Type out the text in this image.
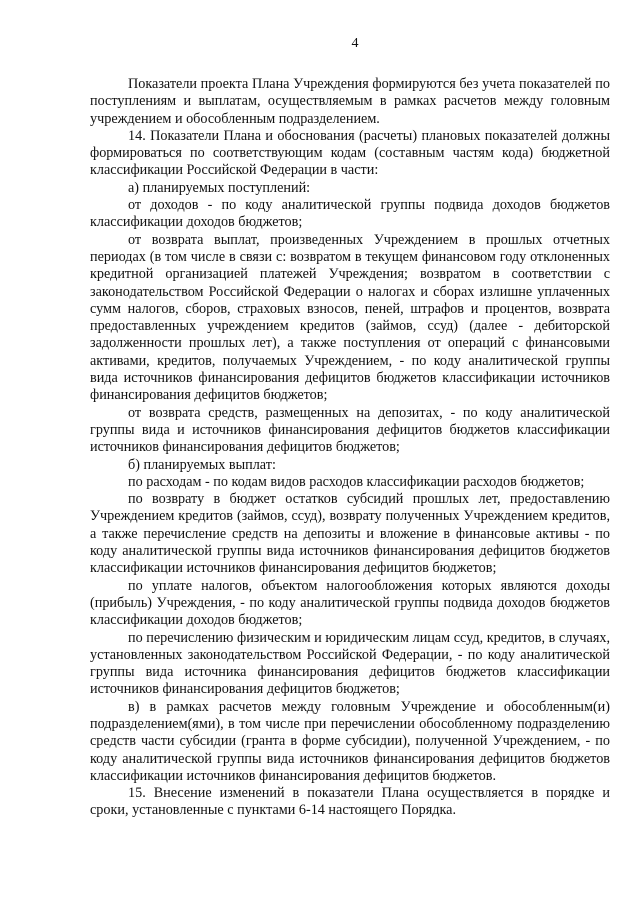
4

Показатели проекта Плана Учреждения формируются без учета показателей по поступлениям и выплатам, осуществляемым в рамках расчетов между головным учреждением и обособленным подразделением.

14. Показатели Плана и обоснования (расчеты) плановых показателей должны формироваться по соответствующим кодам (составным частям кода) бюджетной классификации Российской Федерации в части:

а) планируемых поступлений:

от доходов - по коду аналитической группы подвида доходов бюджетов классификации доходов бюджетов;

от возврата выплат, произведенных Учреждением в прошлых отчетных периодах (в том числе в связи с: возвратом в текущем финансовом году отклоненных кредитной организацией платежей Учреждения; возвратом в соответствии с законодательством Российской Федерации о налогах и сборах излишне уплаченных сумм налогов, сборов, страховых взносов, пеней, штрафов и процентов, возврата предоставленных учреждением кредитов (займов, ссуд) (далее - дебиторской задолженности прошлых лет), а также поступления от операций с финансовыми активами, кредитов, получаемых Учреждением, - по коду аналитической группы вида источников финансирования дефицитов бюджетов классификации источников финансирования дефицитов бюджетов;

от возврата средств, размещенных на депозитах, - по коду аналитической группы вида и источников финансирования дефицитов бюджетов классификации источников финансирования дефицитов бюджетов;

б) планируемых выплат:

по расходам - по кодам видов расходов классификации расходов бюджетов;

по возврату в бюджет остатков субсидий прошлых лет, предоставлению Учреждением кредитов (займов, ссуд), возврату полученных Учреждением кредитов, а также перечисление средств на депозиты и вложение в финансовые активы - по коду аналитической группы вида источников финансирования дефицитов бюджетов классификации источников финансирования дефицитов бюджетов;

по уплате налогов, объектом налогообложения которых являются доходы (прибыль) Учреждения, - по коду аналитической группы подвида доходов бюджетов классификации доходов бюджетов;

по перечислению физическим и юридическим лицам ссуд, кредитов, в случаях, установленных законодательством Российской Федерации, - по коду аналитической группы вида источника финансирования дефицитов бюджетов классификации источников финансирования дефицитов бюджетов;

в) в рамках расчетов между головным Учреждение и обособленным(и) подразделением(ями), в том числе при перечислении обособленному подразделению средств части субсидии (гранта в форме субсидии), полученной Учреждением, - по коду аналитической группы вида источников финансирования дефицитов бюджетов классификации источников финансирования дефицитов бюджетов.

15. Внесение изменений в показатели Плана осуществляется в порядке и сроки, установленные с пунктами 6-14 настоящего Порядка.
